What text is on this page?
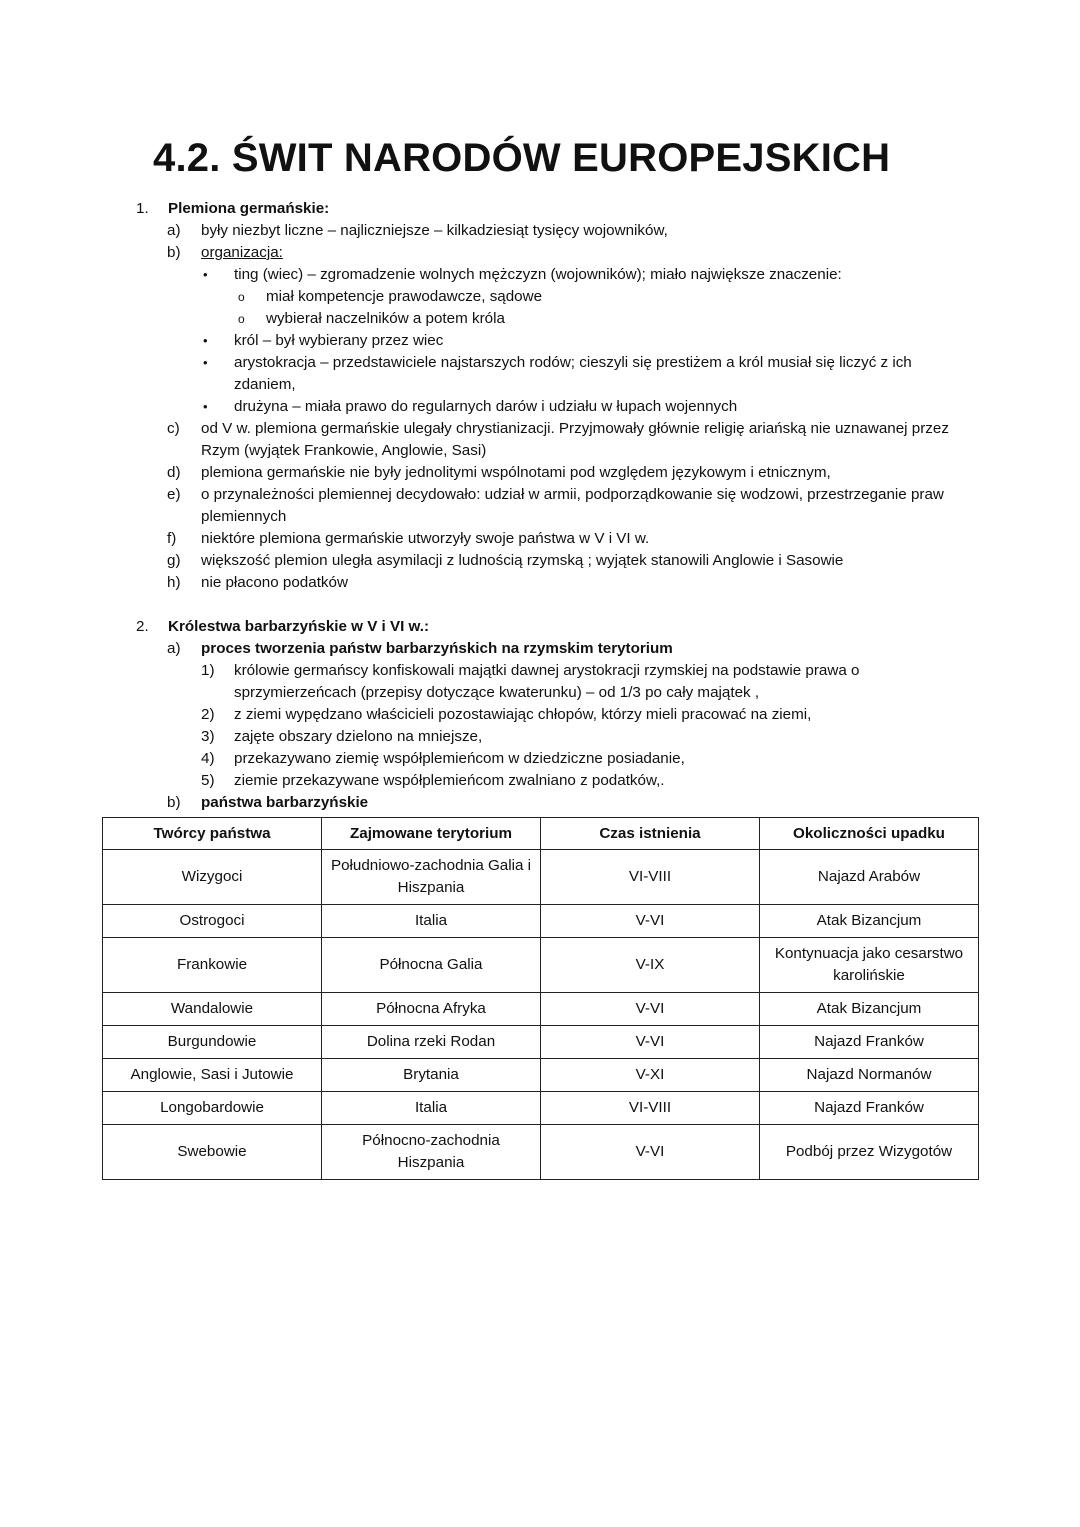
4.2. ŚWIT NARODÓW EUROPEJSKICH
1. Plemiona germańskie:
a) były niezbyt liczne – najliczniejsze – kilkadziesiąt tysięcy wojowników,
b) organizacja:
• ting (wiec) – zgromadzenie wolnych mężczyzn (wojowników); miało największe znaczenie:
o miał kompetencje prawodawcze, sądowe
o wybierał naczelników a potem króla
• król – był wybierany przez wiec
• arystokracja – przedstawiciele najstarszych rodów; cieszyli się prestiżem a król musiał się liczyć z ich zdaniem,
• drużyna – miała prawo do regularnych darów i udziału w łupach wojennych
c) od V w. plemiona germańskie ulegały chrystianizacji. Przyjmowały głównie religię ariańską nie uznawanej przez Rzym (wyjątek Frankowie, Anglowie, Sasi)
d) plemiona germańskie nie były jednolitymi wspólnotami pod względem językowym i etnicznym,
e) o przynależności plemiennej decydowało: udział w armii, podporządkowanie się wodzowi, przestrzeganie praw plemiennych
f) niektóre plemiona germańskie utworzyły swoje państwa w V i VI w.
g) większość plemion uległa asymilacji z ludnością rzymską ; wyjątek stanowili Anglowie i Sasowie
h) nie płacono podatków
2. Królestwa barbarzyńskie w V i VI w.:
a) proces tworzenia państw barbarzyńskich na rzymskim terytorium
1) królowie germańscy konfiskowali majątki dawnej arystokracji rzymskiej na podstawie prawa o sprzymierzeńcach (przepisy dotyczące kwaterunku) – od 1/3 po cały majątek ,
2) z ziemi wypędzano właścicieli pozostawiając chłopów, którzy mieli pracować na ziemi,
3) zajęte obszary dzielono na mniejsze,
4) przekazywano ziemię współplemieńcom w dziedziczne posiadanie,
5) ziemie przekazywane współplemieńcom zwalniano z podatków,.
b) państwa barbarzyńskie
Twórcy państwa	Zajmowane terytorium	Czas istnienia	Okoliczności upadku
Wizygoci	Południowo-zachodnia Galia i Hiszpania	VI-VIII	Najazd Arabów
Ostrogoci	Italia	V-VI	Atak Bizancjum
Frankowie	Północna Galia	V-IX	Kontynuacja jako cesarstwo karolińskie
Wandalowie	Północna Afryka	V-VI	Atak Bizancjum
Burgundowie	Dolina rzeki Rodan	V-VI	Najazd Franków
Anglowie, Sasi i Jutowie	Brytania	V-XI	Najazd Normanów
Longobardowie	Italia	VI-VIII	Najazd Franków
Swebowie	Północno-zachodnia Hiszpania	V-VI	Podbój przez Wizygotów
